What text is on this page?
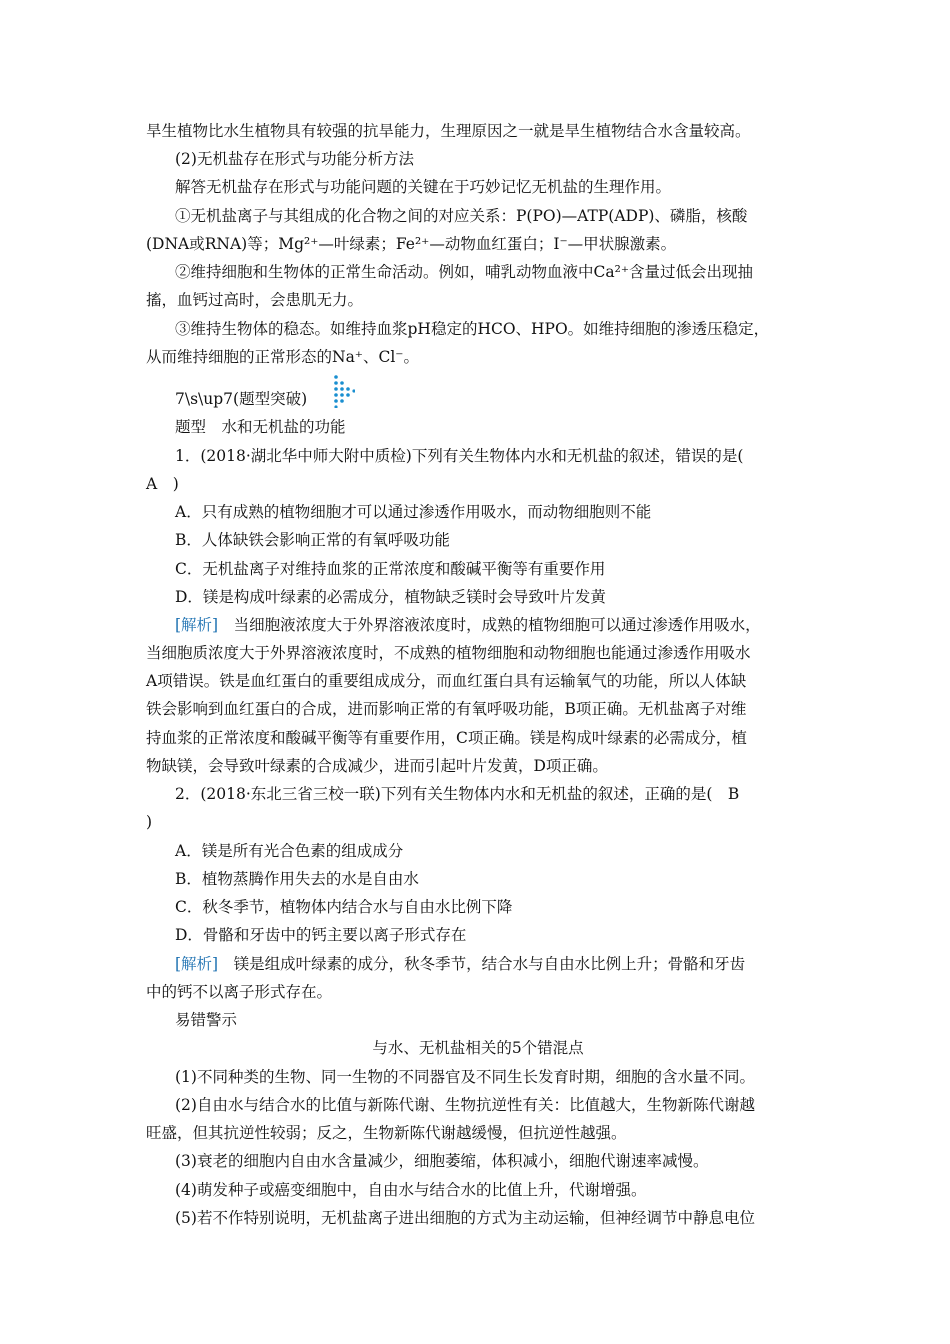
旱生植物比水生植物具有较强的抗旱能力，生理原因之一就是旱生植物结合水含量较高。
(2)无机盐存在形式与功能分析方法
解答无机盐存在形式与功能问题的关键在于巧妙记忆无机盐的生理作用。
①无机盐离子与其组成的化合物之间的对应关系：P(PO)—ATP(ADP)、磷脂，核酸
(DNA或RNA)等；Mg²⁺—叶绿素；Fe²⁺—动物血红蛋白；I⁻—甲状腺激素。
②维持细胞和生物体的正常生命活动。例如，哺乳动物血液中Ca²⁺含量过低会出现抽
搐，血钙过高时，会患肌无力。
③维持生物体的稳态。如维持血浆pH稳定的HCO、HPO。如维持细胞的渗透压稳定，
从而维持细胞的正常形态的Na⁺、Cl⁻。
7\s\up7(题型突破)
题型　水和无机盐的功能
1．(2018·湖北华中师大附中质检)下列有关生物体内水和无机盐的叙述，错误的是(
A　)
A．只有成熟的植物细胞才可以通过渗透作用吸水，而动物细胞则不能
B．人体缺铁会影响正常的有氧呼吸功能
C．无机盐离子对维持血浆的正常浓度和酸碱平衡等有重要作用
D．镁是构成叶绿素的必需成分，植物缺乏镁时会导致叶片发黄
[解析]　当细胞液浓度大于外界溶液浓度时，成熟的植物细胞可以通过渗透作用吸水，
当细胞质浓度大于外界溶液浓度时，不成熟的植物细胞和动物细胞也能通过渗透作用吸水
A项错误。铁是血红蛋白的重要组成成分，而血红蛋白具有运输氧气的功能，所以人体缺
铁会影响到血红蛋白的合成，进而影响正常的有氧呼吸功能，B项正确。无机盐离子对维
持血浆的正常浓度和酸碱平衡等有重要作用，C项正确。镁是构成叶绿素的必需成分，植
物缺镁，会导致叶绿素的合成减少，进而引起叶片发黄，D项正确。
2．(2018·东北三省三校一联)下列有关生物体内水和无机盐的叙述，正确的是(　B
)
A．镁是所有光合色素的组成成分
B．植物蒸腾作用失去的水是自由水
C．秋冬季节，植物体内结合水与自由水比例下降
D．骨骼和牙齿中的钙主要以离子形式存在
[解析]　镁是组成叶绿素的成分，秋冬季节，结合水与自由水比例上升；骨骼和牙齿
中的钙不以离子形式存在。
易错警示
与水、无机盐相关的5个错混点
(1)不同种类的生物、同一生物的不同器官及不同生长发育时期，细胞的含水量不同。
(2)自由水与结合水的比值与新陈代谢、生物抗逆性有关：比值越大，生物新陈代谢越
旺盛，但其抗逆性较弱；反之，生物新陈代谢越缓慢，但抗逆性越强。
(3)衰老的细胞内自由水含量减少，细胞萎缩，体积减小，细胞代谢速率减慢。
(4)萌发种子或癌变细胞中，自由水与结合水的比值上升，代谢增强。
(5)若不作特别说明，无机盐离子进出细胞的方式为主动运输，但神经调节中静息电位
